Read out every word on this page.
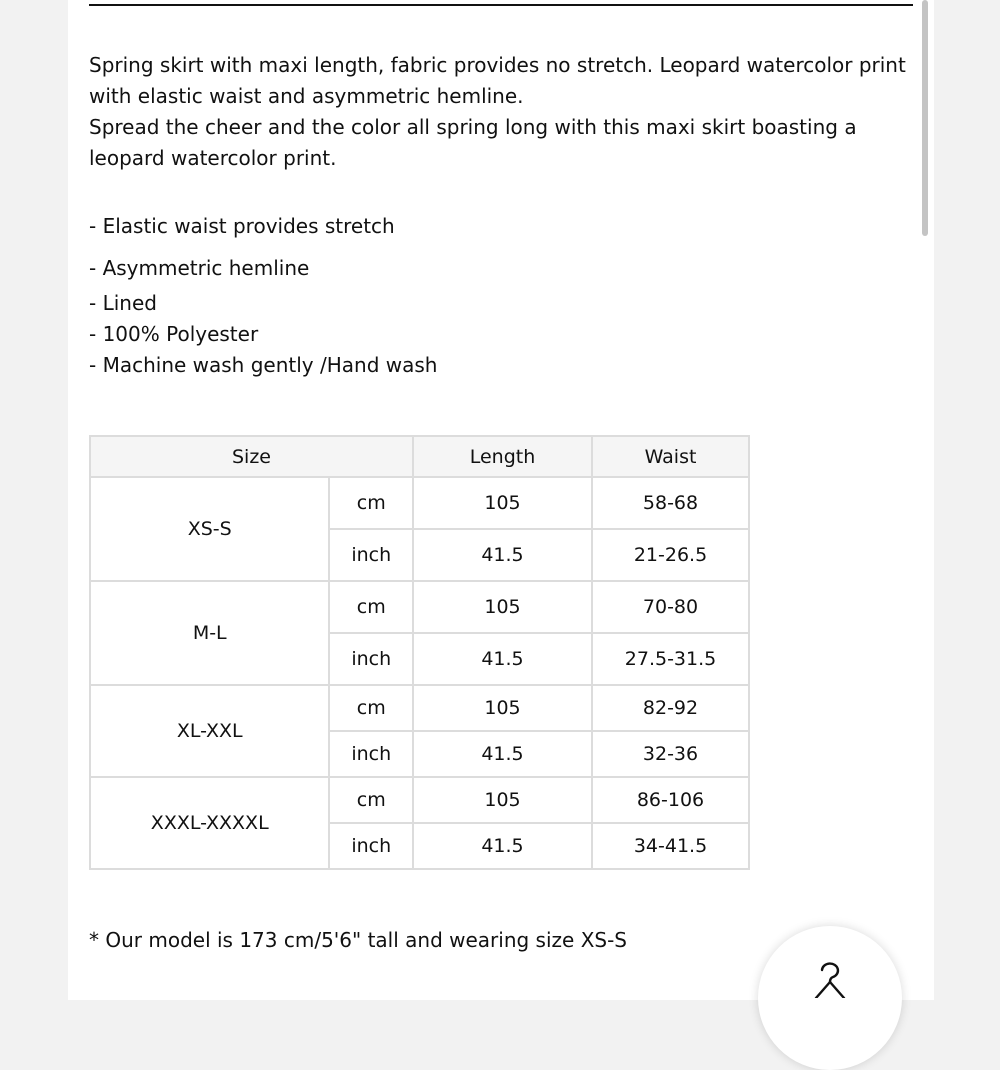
Spring skirt with maxi length, fabric provides no stretch. Leopard watercolor print with elastic waist and asymmetric hemline.
Spread the cheer and the color all spring long with this maxi skirt boasting a leopard watercolor print.

- Elastic waist provides stretch
- Asymmetric hemline
- Lined
- 100% Polyester
- Machine wash gently /Hand wash
Size		Length	Waist
XS-S	cm	105	58-68
	inch	41.5	21-26.5
M-L	cm	105	70-80
	inch	41.5	27.5-31.5
XL-XXL	cm	105	82-92
	inch	41.5	32-36
XXXL-XXXXL	cm	105	86-106
	inch	41.5	34-41.5

* Our model is 173 cm/5'6" tall and wearing size XS-S
